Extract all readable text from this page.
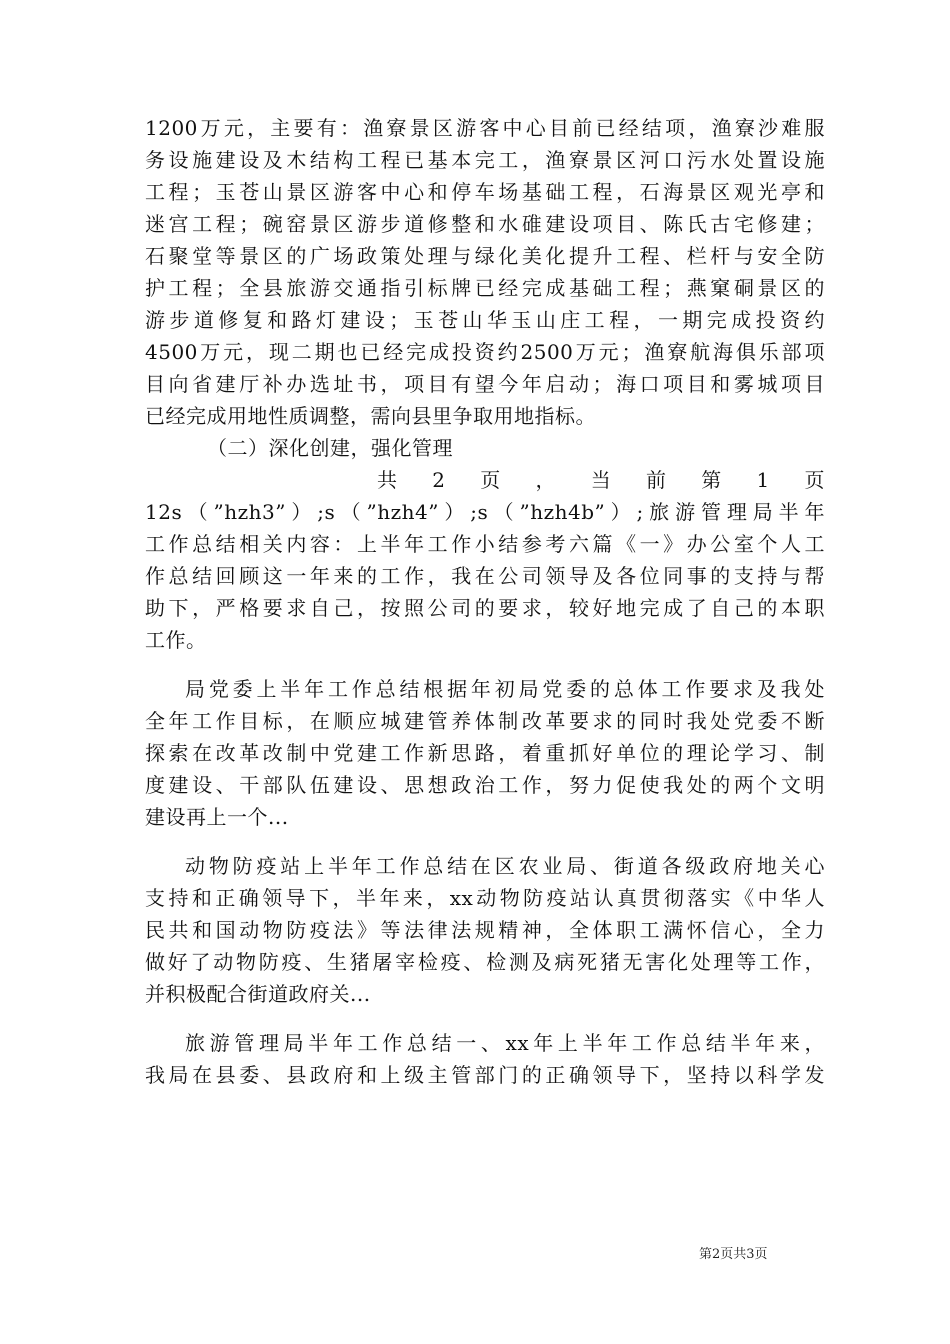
1200万元，主要有：渔寮景区游客中心目前已经结项，渔寮沙难服
务设施建设及木结构工程已基本完工，渔寮景区河口污水处置设施
工程；玉苍山景区游客中心和停车场基础工程，石海景区观光亭和
迷宫工程；碗窑景区游步道修整和水碓建设项目、陈氏古宅修建；
石聚堂等景区的广场政策处理与绿化美化提升工程、栏杆与安全防
护工程；全县旅游交通指引标牌已经完成基础工程；燕窠硐景区的
游步道修复和路灯建设；玉苍山华玉山庄工程，一期完成投资约
4500万元，现二期也已经完成投资约2500万元；渔寮航海俱乐部项
目向省建厅补办选址书，项目有望今年启动；海口项目和雾城项目
已经完成用地性质调整，需向县里争取用地指标。
（二）深化创建，强化管理
共 2 页 ， 当 前 第 1 页
12s（”hzh3”）;s（”hzh4”）;s（”hzh4b”）;旅游管理局半年
工作总结相关内容：上半年工作小结参考六篇《一》办公室个人工
作总结回顾这一年来的工作，我在公司领导及各位同事的支持与帮
助下，严格要求自己，按照公司的要求，较好地完成了自己的本职
工作。
局党委上半年工作总结根据年初局党委的总体工作要求及我处
全年工作目标，在顺应城建管养体制改革要求的同时我处党委不断
探索在改革改制中党建工作新思路，着重抓好单位的理论学习、制
度建设、干部队伍建设、思想政治工作，努力促使我处的两个文明
建设再上一个...
动物防疫站上半年工作总结在区农业局、街道各级政府地关心
支持和正确领导下，半年来，xx动物防疫站认真贯彻落实《中华人
民共和国动物防疫法》等法律法规精神，全体职工满怀信心，全力
做好了动物防疫、生猪屠宰检疫、检测及病死猪无害化处理等工作，
并积极配合街道政府关...
旅游管理局半年工作总结一、xx年上半年工作总结半年来，
我局在县委、县政府和上级主管部门的正确领导下，坚持以科学发
第2页共3页
